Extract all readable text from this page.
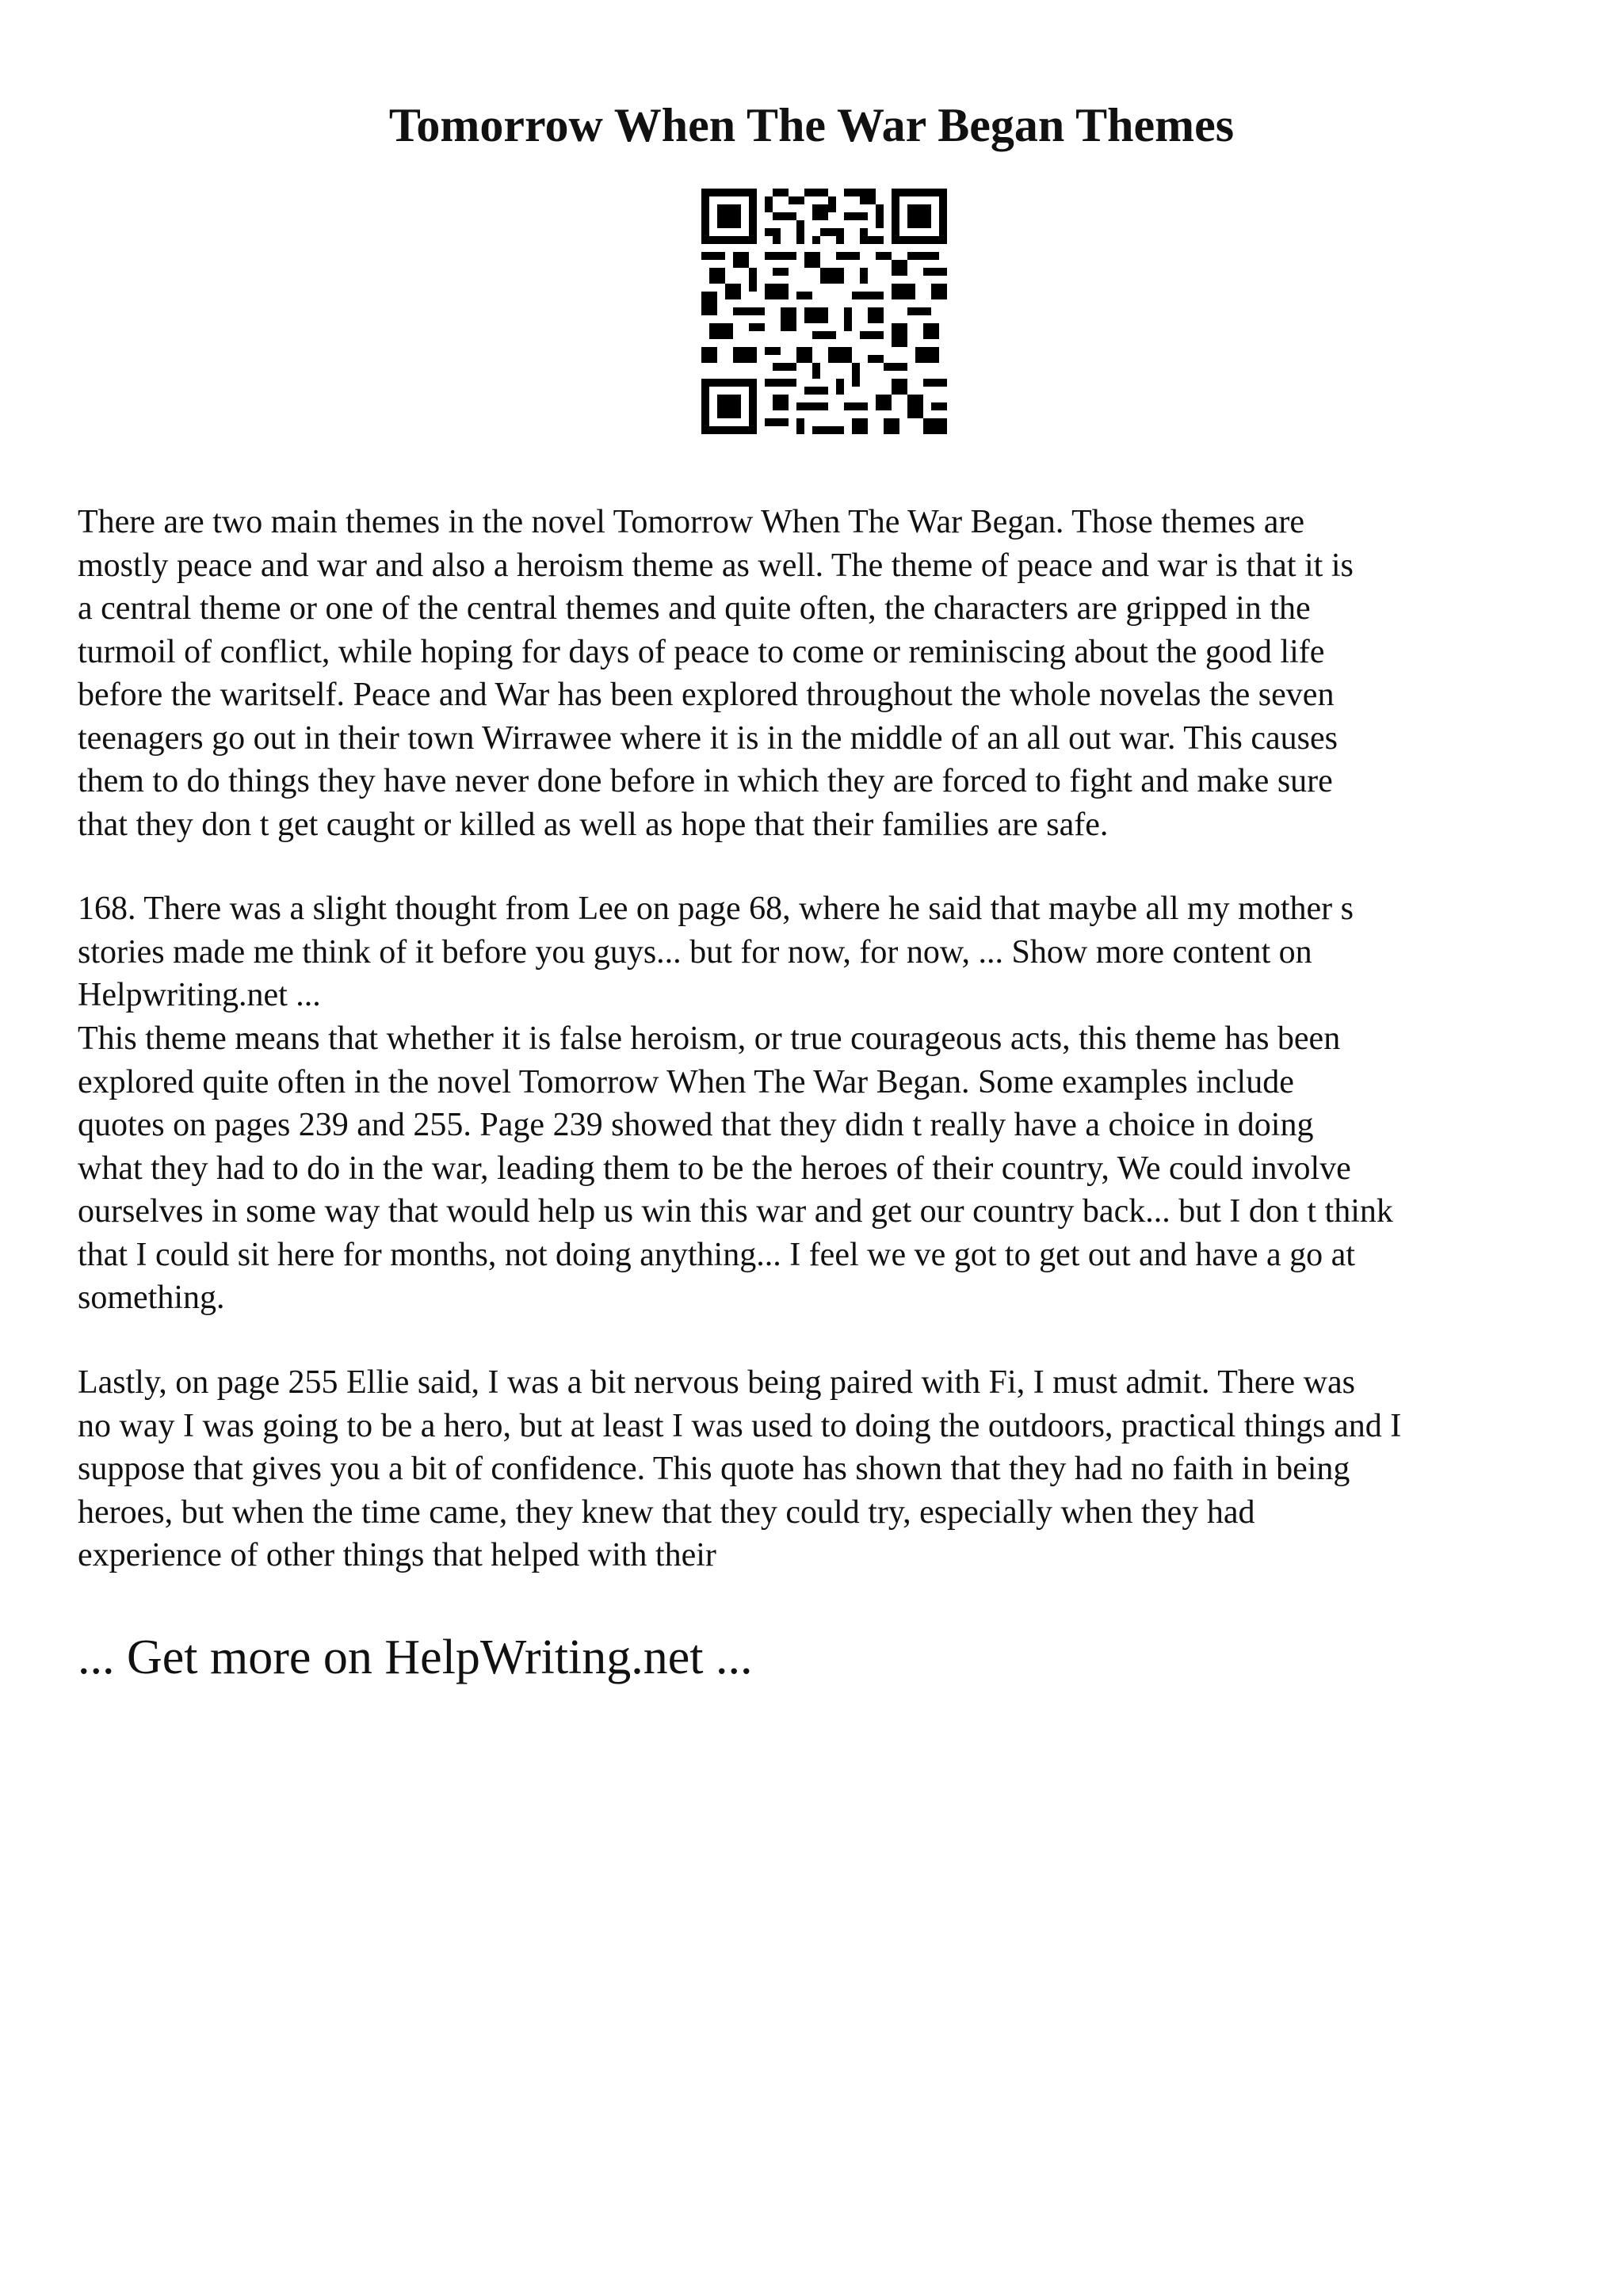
Tomorrow When The War Began Themes
There are two main themes in the novel Tomorrow When The War Began. Those themes are
mostly peace and war and also a heroism theme as well. The theme of peace and war is that it is
a central theme or one of the central themes and quite often, the characters are gripped in the
turmoil of conflict, while hoping for days of peace to come or reminiscing about the good life
before the waritself. Peace and War has been explored throughout the whole novelas the seven
teenagers go out in their town Wirrawee where it is in the middle of an all out war. This causes
them to do things they have never done before in which they are forced to fight and make sure
that they don t get caught or killed as well as hope that their families are safe.
168. There was a slight thought from Lee on page 68, where he said that maybe all my mother s
stories made me think of it before you guys... but for now, for now, ... Show more content on
Helpwriting.net ...
This theme means that whether it is false heroism, or true courageous acts, this theme has been
explored quite often in the novel Tomorrow When The War Began. Some examples include
quotes on pages 239 and 255. Page 239 showed that they didn t really have a choice in doing
what they had to do in the war, leading them to be the heroes of their country, We could involve
ourselves in some way that would help us win this war and get our country back... but I don t think
that I could sit here for months, not doing anything... I feel we ve got to get out and have a go at
something.
Lastly, on page 255 Ellie said, I was a bit nervous being paired with Fi, I must admit. There was
no way I was going to be a hero, but at least I was used to doing the outdoors, practical things and I
suppose that gives you a bit of confidence. This quote has shown that they had no faith in being
heroes, but when the time came, they knew that they could try, especially when they had
experience of other things that helped with their

... Get more on HelpWriting.net ...
